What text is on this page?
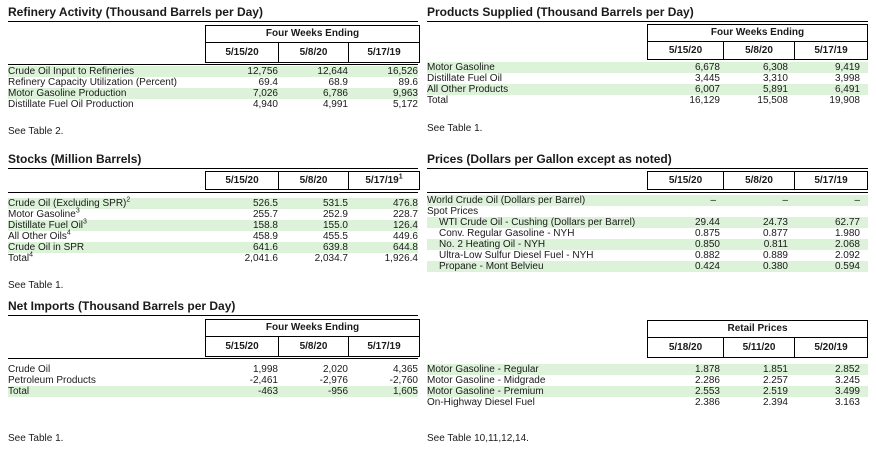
Refinery Activity (Thousand Barrels per Day)
Four Weeks Ending
5/15/20	5/8/20	5/17/19
Crude Oil Input to Refineries	12,756	12,644	16,526
Refinery Capacity Utilization (Percent)	69.4	68.9	89.6
Motor Gasoline Production	7,026	6,786	9,963
Distillate Fuel Oil Production	4,940	4,991	5,172
See Table 2.
Stocks (Million Barrels)
5/15/20	5/8/20	$5/17/19^1$
Crude Oil (Excluding SPR)$^2$	526.5	531.5	476.8
Motor Gasoline$^3$	255.7	252.9	228.7
Distillate Fuel Oil$^3$	158.8	155.0	126.4
All Other Oils$^4$	458.9	455.5	449.6
Crude Oil in SPR	641.6	639.8	644.8
Total$^4$	2,041.6	2,034.7	1,926.4
See Table 1.
Net Imports (Thousand Barrels per Day)
Four Weeks Ending
5/15/20	5/8/20	5/17/19
Crude Oil	1,998	2,020	4,365
Petroleum Products	-2,461	-2,976	-2,760
Total	-463	-956	1,605
See Table 1.
Products Supplied (Thousand Barrels per Day)
Four Weeks Ending
5/15/20	5/8/20	5/17/19
Motor Gasoline	6,678	6,308	9,419
Distillate Fuel Oil	3,445	3,310	3,998
All Other Products	6,007	5,891	6,491
Total	16,129	15,508	19,908
See Table 1.
Prices (Dollars per Gallon except as noted)
5/15/20	5/8/20	5/17/19
World Crude Oil (Dollars per Barrel)	–	–	–
Spot Prices
WTI Crude Oil - Cushing (Dollars per Barrel)	29.44	24.73	62.77
Conv. Regular Gasoline - NYH	0.875	0.877	1.980
No. 2 Heating Oil - NYH	0.850	0.811	2.068
Ultra-Low Sulfur Diesel Fuel - NYH	0.882	0.889	2.092
Propane - Mont Belvieu	0.424	0.380	0.594
Retail Prices
5/18/20	5/11/20	5/20/19
Motor Gasoline - Regular	1.878	1.851	2.852
Motor Gasoline - Midgrade	2.286	2.257	3.245
Motor Gasoline - Premium	2.553	2.519	3.499
On-Highway Diesel Fuel	2.386	2.394	3.163
See Table 10,11,12,14.
